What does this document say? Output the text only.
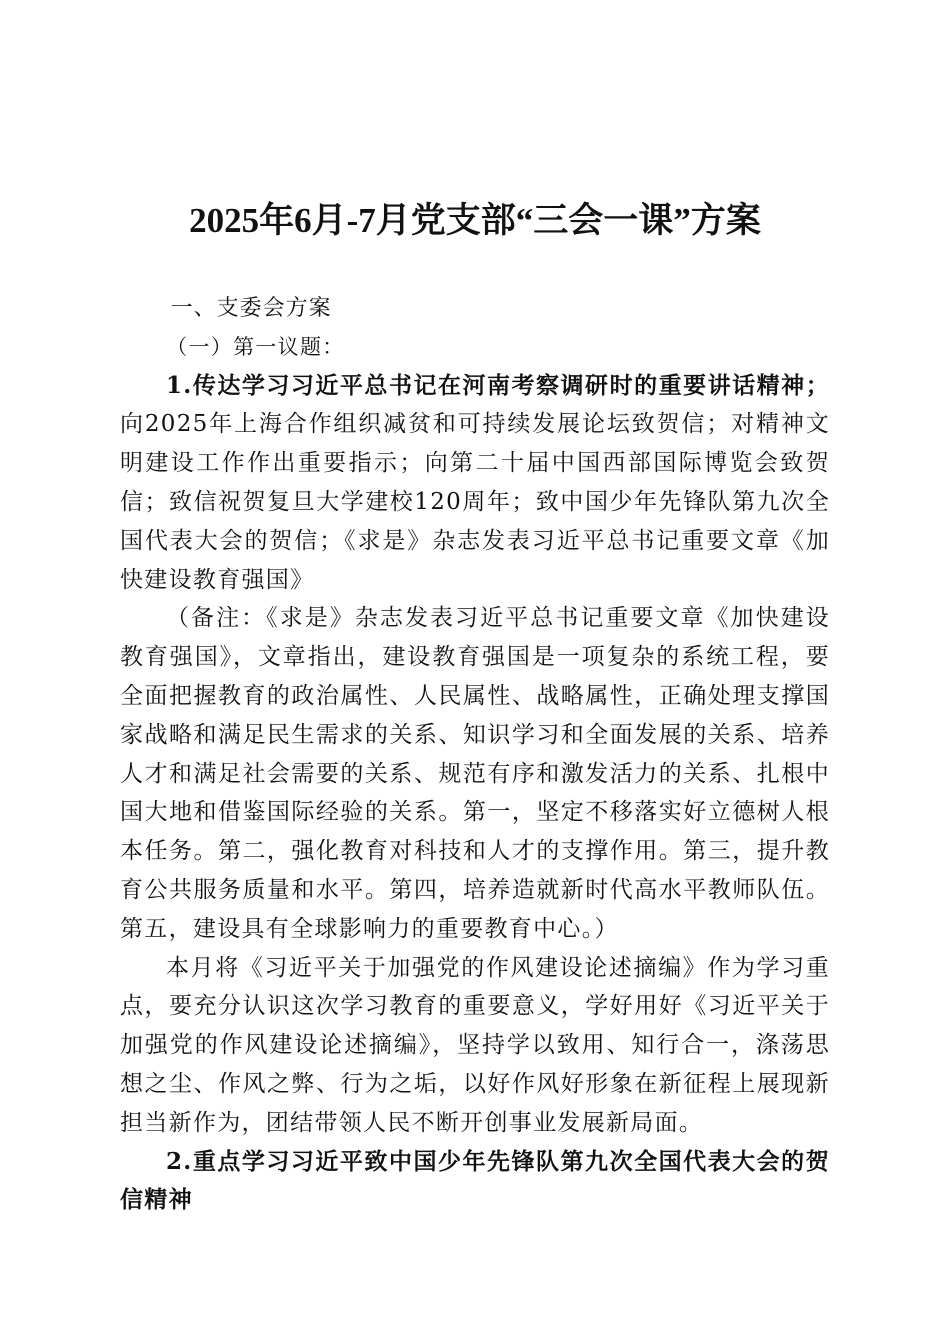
2025年6月-7月党支部“三会一课”方案

一、支委会方案

（一）第一议题：

1.传达学习习近平总书记在河南考察调研时的重要讲话精神；向2025年上海合作组织减贫和可持续发展论坛致贺信；对精神文明建设工作作出重要指示；向第二十届中国西部国际博览会致贺信；致信祝贺复旦大学建校120周年；致中国少年先锋队第九次全国代表大会的贺信；《求是》杂志发表习近平总书记重要文章《加快建设教育强国》

（备注：《求是》杂志发表习近平总书记重要文章《加快建设教育强国》，文章指出，建设教育强国是一项复杂的系统工程，要全面把握教育的政治属性、人民属性、战略属性，正确处理支撑国家战略和满足民生需求的关系、知识学习和全面发展的关系、培养人才和满足社会需要的关系、规范有序和激发活力的关系、扎根中国大地和借鉴国际经验的关系。第一，坚定不移落实好立德树人根本任务。第二，强化教育对科技和人才的支撑作用。第三，提升教育公共服务质量和水平。第四，培养造就新时代高水平教师队伍。第五，建设具有全球影响力的重要教育中心。）

本月将《习近平关于加强党的作风建设论述摘编》作为学习重点，要充分认识这次学习教育的重要意义，学好用好《习近平关于加强党的作风建设论述摘编》，坚持学以致用、知行合一，涤荡思想之尘、作风之弊、行为之垢，以好作风好形象在新征程上展现新担当新作为，团结带领人民不断开创事业发展新局面。

2.重点学习习近平致中国少年先锋队第九次全国代表大会的贺信精神
